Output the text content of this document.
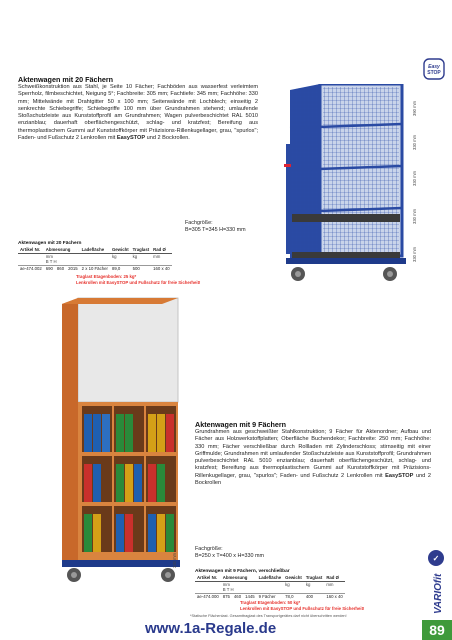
Easy
STOP
Aktenwagen mit 20 Fächern
Schweißkonstruktion aus Stahl, je Seite 10 Fächer; Fachböden aus wasserfest verleimtem Sperrholz, filmbeschichtet, Neigung 5°; Fachbreite: 305 mm; Fachtiefe: 345 mm; Fachhöhe: 330 mm; Mittelwände mit Drahtgitter 50 x 100 mm; Seitenwände mit Lochblech; einseitig 2 senkrechte Schiebegriffe; Schiebegriffe 100 mm über Grundrahmen stehend; umlaufende Stoßschutzleiste aus Kunststoffprofil am Grundrahmen; Wagen pulverbeschichtet RAL 5010 enzianblau; dauerhaft oberflächengeschützt, schlag- und kratzfest; Bereifung aus thermoplastischem Gummi auf Kunststoffkörper mit Präzisions-Rillenkugellager, grau, "spurlos"; Faden- und Fußschutz 2 Lenkrollen mit EasySTOP und 2 Bockrollen.
390 mm
330 mm
330 mm
330 mm
330 mm
Fachgröße:
B=305 T=345 H=330 mm
Aktenwagen mit 20 Fächern
Artikel Nr.	Abmessung			Ladefläche	Gewicht	Traglast	Rad Ø
	mm				kg	kg	mm
	B T H						
ae-474.002	690	860	2015	2 x 10 Fächer	89,0	500	160 x 40
Traglast Etagenboden: 25 kg*
Lenkrollen mit EasySTOP und Fußschutz für freie Sicherheit!
330 mm
Aktenwagen mit 9 Fächern
Grundrahmen aus geschweißter Stahlkonstruktion; 9 Fächer für Aktenordner; Aufbau und Fächer aus Holzwerkstoffplatten; Oberfläche Buchendekor; Fachbreite: 250 mm; Fachhöhe: 330 mm; Fächer verschließbar durch Rollladen mit Zylinderschloss; stirnseitig mit einer Griffmulde; Grundrahmen mit umlaufender Stoßschutzleiste aus Kunststoffprofil; Grundrahmen pulverbeschichtet RAL 5010 enzianblau; dauerhaft oberflächengeschützt, schlag- und kratzfest; Bereifung aus thermoplastischem Gummi auf Kunststoffkörper mit Präzisions-Rillenkugellager, grau, "spurlos"; Faden- und Fußschutz 2 Lenkrollen mit EasySTOP und 2 Bockrollen
Fachgröße:
B=250 x T=400 x H=330 mm
Aktenwagen mit 9 Fächern, verschließbar
Artikel Nr.	Abmessung			Ladefläche	Gewicht	Traglast	Rad Ø
	mm				kg	kg	mm
	B T H						
ae-474.000	875	460	1445	9 Fächer	78,0	400	160 x 40
Traglast Etagenboden: 50 kg*
Lenkrollen mit EasySTOP und Fußschutz für freie Sicherheit!
✓
VARIOfit
*Statische Flächenlast. Gesamttraglast des Transportgerätes darf nicht überschritten werden!
www.1a-Regale.de	89
